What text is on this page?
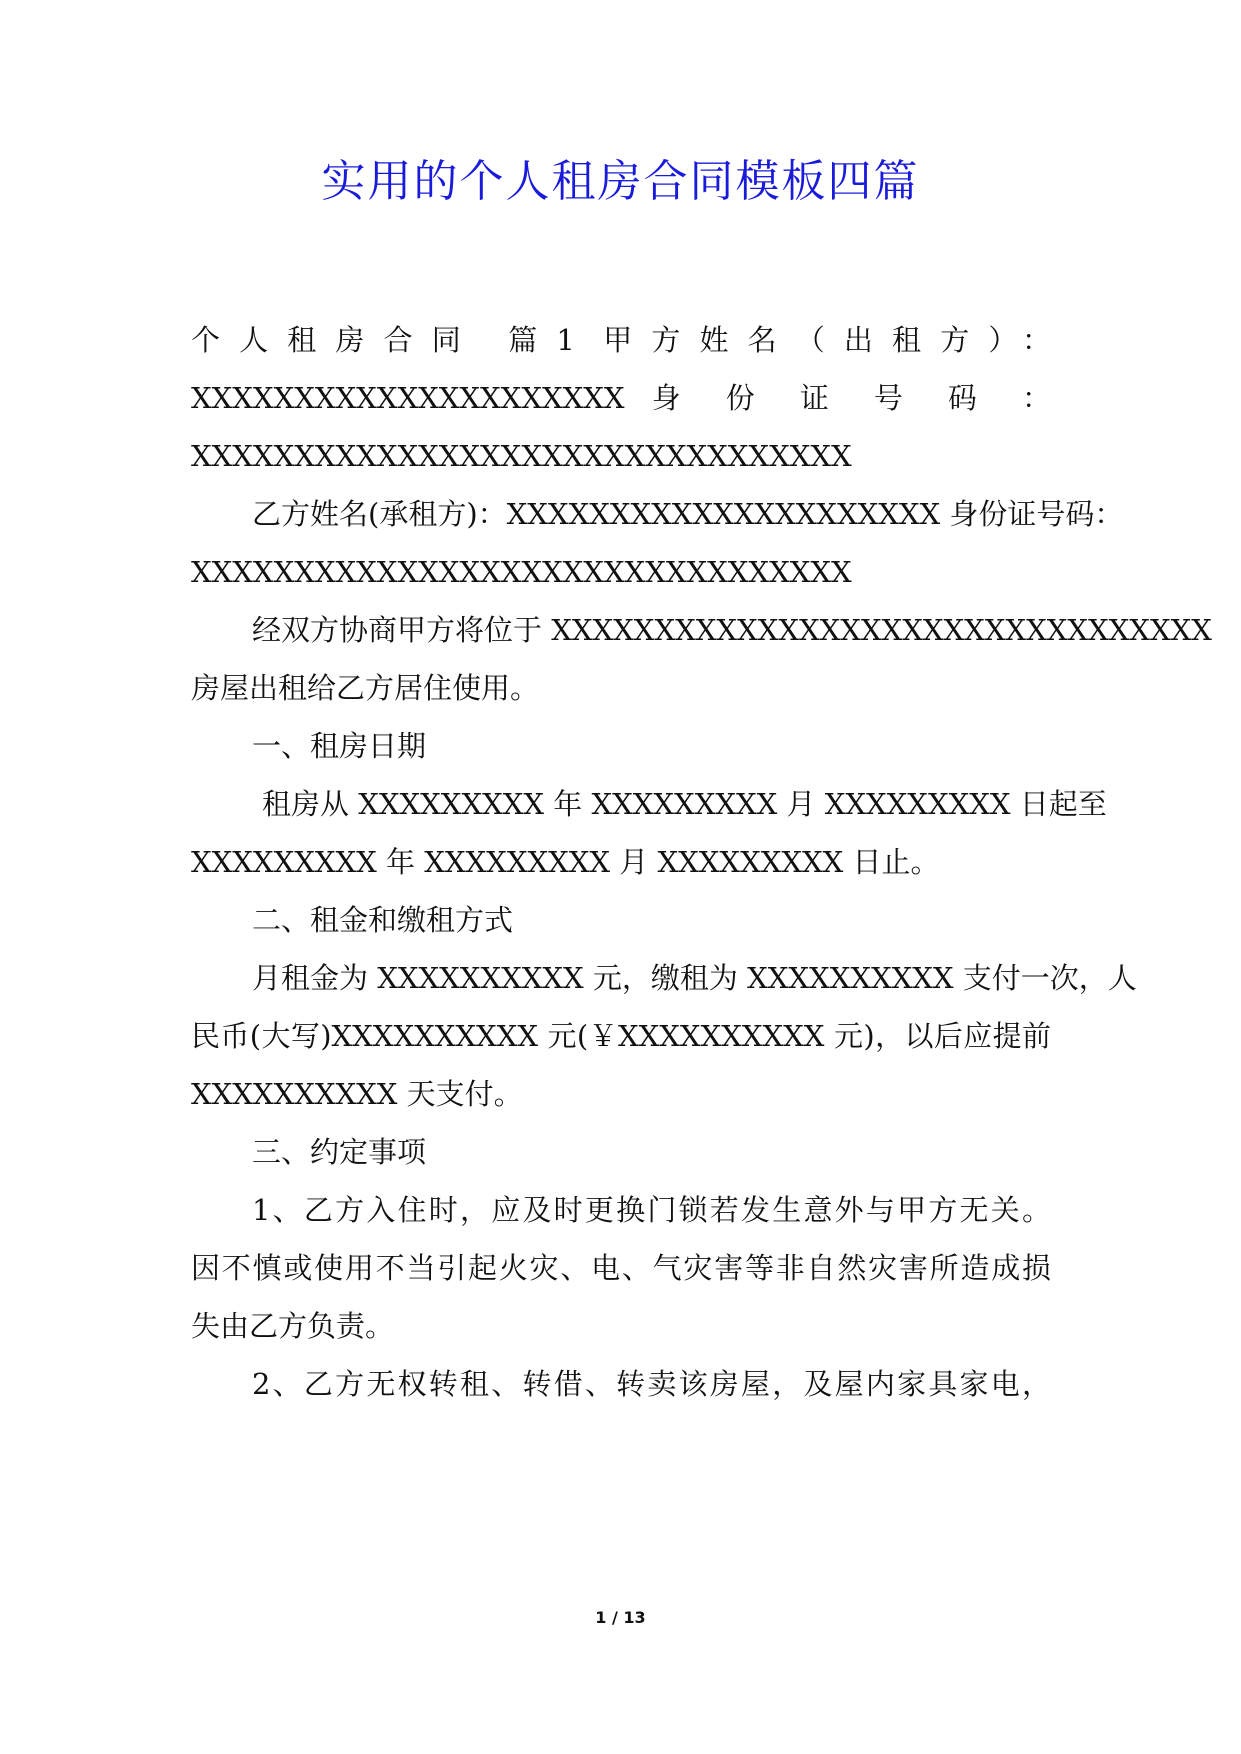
实用的个人租房合同模板四篇
个人租房合同 篇1 甲方姓名（出租方）：
XXXXXXXXXXXXXXXXXXXXX 身 份 证 号 码 ：
XXXXXXXXXXXXXXXXXXXXXXXXXXXXXXXX
乙方姓名(承租方)：XXXXXXXXXXXXXXXXXXXXX 身份证号码：
XXXXXXXXXXXXXXXXXXXXXXXXXXXXXXXX
经双方协商甲方将位于 XXXXXXXXXXXXXXXXXXXXXXXXXXXXXXXX
房屋出租给乙方居住使用。
一、租房日期
租房从 XXXXXXXXX 年 XXXXXXXXX 月 XXXXXXXXX 日起至
XXXXXXXXX 年 XXXXXXXXX 月 XXXXXXXXX 日止。
二、租金和缴租方式
月租金为 XXXXXXXXXX 元，缴租为 XXXXXXXXXX 支付一次，人
民币(大写)XXXXXXXXXX 元(￥XXXXXXXXXX 元)，以后应提前
XXXXXXXXXX 天支付。
三、约定事项
1、乙方入住时，应及时更换门锁若发生意外与甲方无关。
因不慎或使用不当引起火灾、电、气灾害等非自然灾害所造成损
失由乙方负责。
2、乙方无权转租、转借、转卖该房屋，及屋内家具家电，
1 / 13
